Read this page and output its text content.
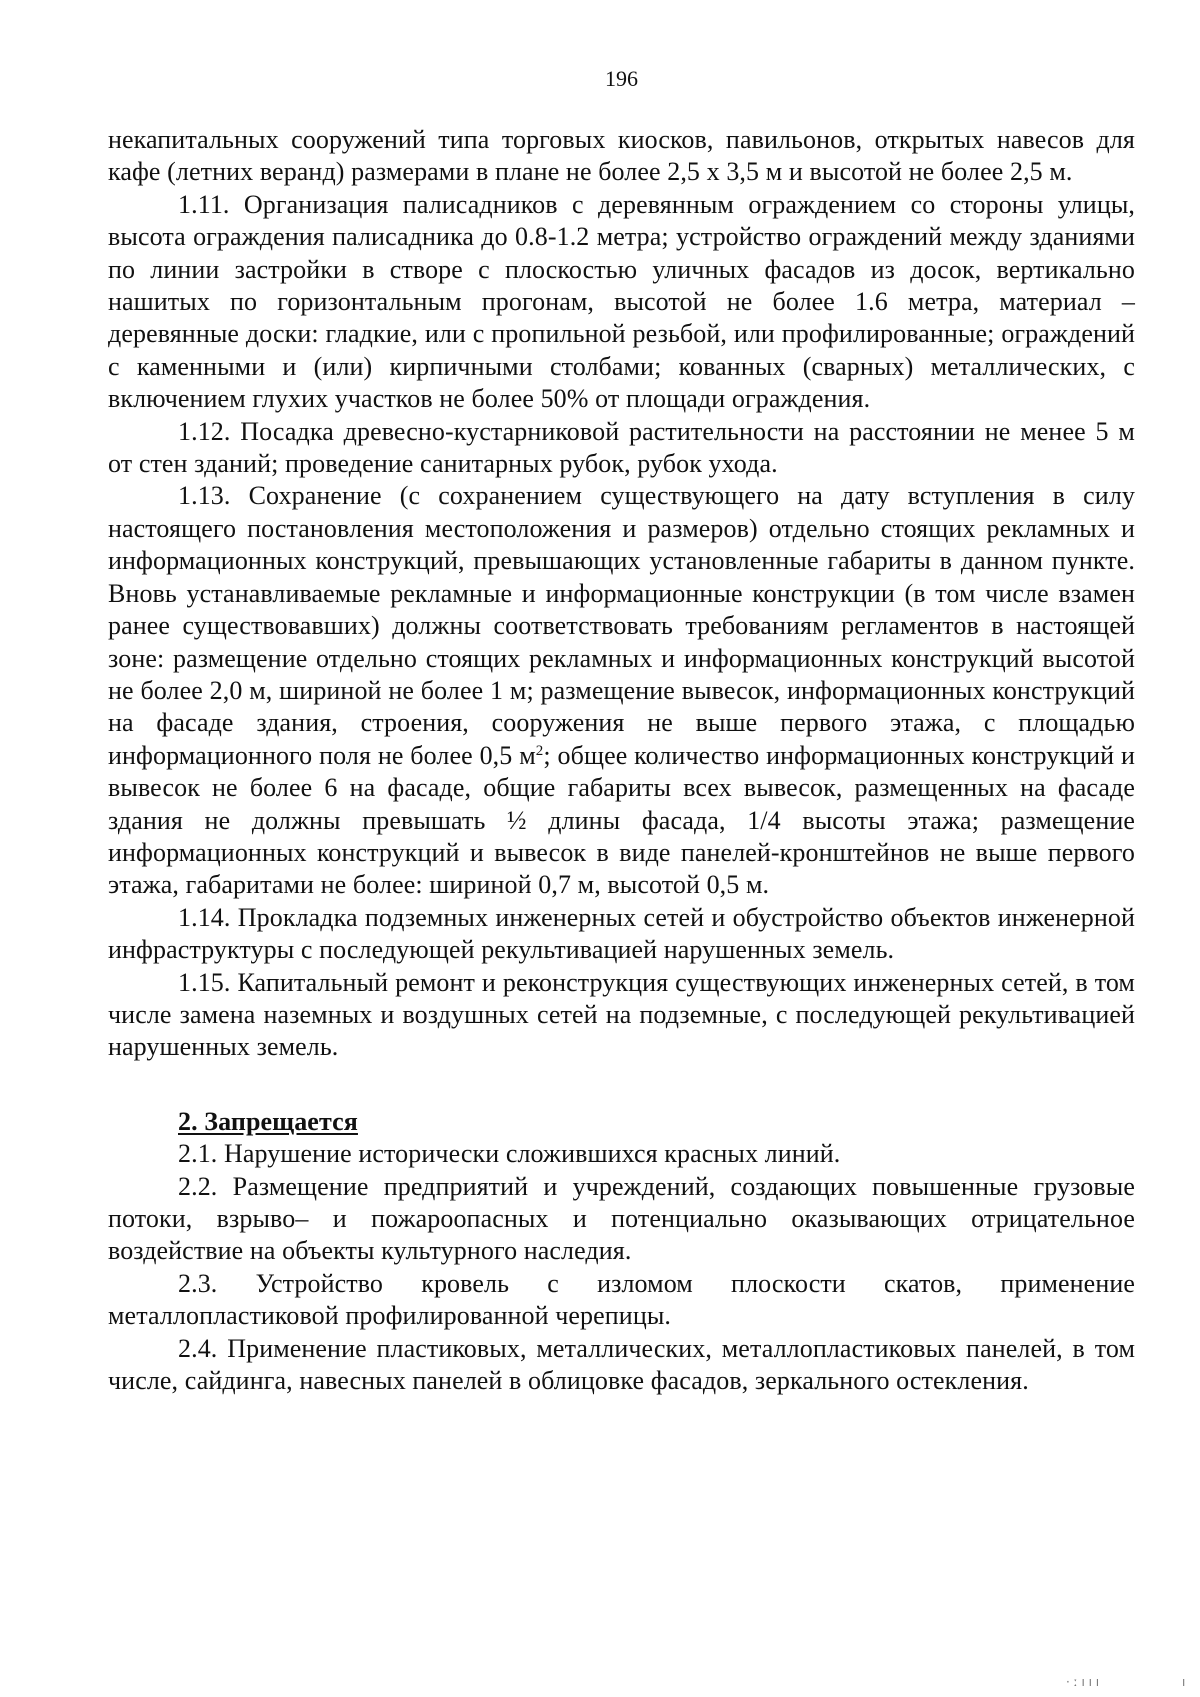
196

некапитальных сооружений типа торговых киосков, павильонов, открытых навесов для кафе (летних веранд) размерами в плане не более 2,5 х 3,5 м и высотой не более 2,5 м.

1.11. Организация палисадников с деревянным ограждением со стороны улицы, высота ограждения палисадника до 0.8-1.2 метра; устройство ограждений между зданиями по линии застройки в створе с плоскостью уличных фасадов из досок, вертикально нашитых по горизонтальным прогонам, высотой не более 1.6 метра, материал – деревянные доски: гладкие, или с пропильной резьбой, или профилированные; ограждений с каменными и (или) кирпичными столбами; кованных (сварных) металлических, с включением глухих участков не более 50% от площади ограждения.

1.12. Посадка древесно-кустарниковой растительности на расстоянии не менее 5 м от стен зданий; проведение санитарных рубок, рубок ухода.

1.13. Сохранение (с сохранением существующего на дату вступления в силу настоящего постановления местоположения и размеров) отдельно стоящих рекламных и информационных конструкций, превышающих установленные габариты в данном пункте. Вновь устанавливаемые рекламные и информационные конструкции (в том числе взамен ранее существовавших) должны соответствовать требованиям регламентов в настоящей зоне: размещение отдельно стоящих рекламных и информационных конструкций высотой не более 2,0 м, шириной не более 1 м; размещение вывесок, информационных конструкций на фасаде здания, строения, сооружения не выше первого этажа, с площадью информационного поля не более 0,5 $м^2$; общее количество информационных конструкций и вывесок не более 6 на фасаде, общие габариты всех вывесок, размещенных на фасаде здания не должны превышать ½ длины фасада, 1/4 высоты этажа; размещение информационных конструкций и вывесок в виде панелей-кронштейнов не выше первого этажа, габаритами не более: шириной 0,7 м, высотой 0,5 м.

1.14. Прокладка подземных инженерных сетей и обустройство объектов инженерной инфраструктуры с последующей рекультивацией нарушенных земель.

1.15. Капитальный ремонт и реконструкция существующих инженерных сетей, в том числе замена наземных и воздушных сетей на подземные, с последующей рекультивацией нарушенных земель.

2. Запрещается

2.1. Нарушение исторически сложившихся красных линий.

2.2. Размещение предприятий и учреждений, создающих повышенные грузовые потоки, взрыво– и пожароопасных и потенциально оказывающих отрицательное воздействие на объекты культурного наследия.

2.3. Устройство кровель с изломом плоскости скатов, применение металлопластиковой профилированной черепицы.

2.4. Применение пластиковых, металлических, металлопластиковых панелей, в том числе, сайдинга, навесных панелей в облицовке фасадов, зеркального остекления.

· ː ı ı ı	ı
